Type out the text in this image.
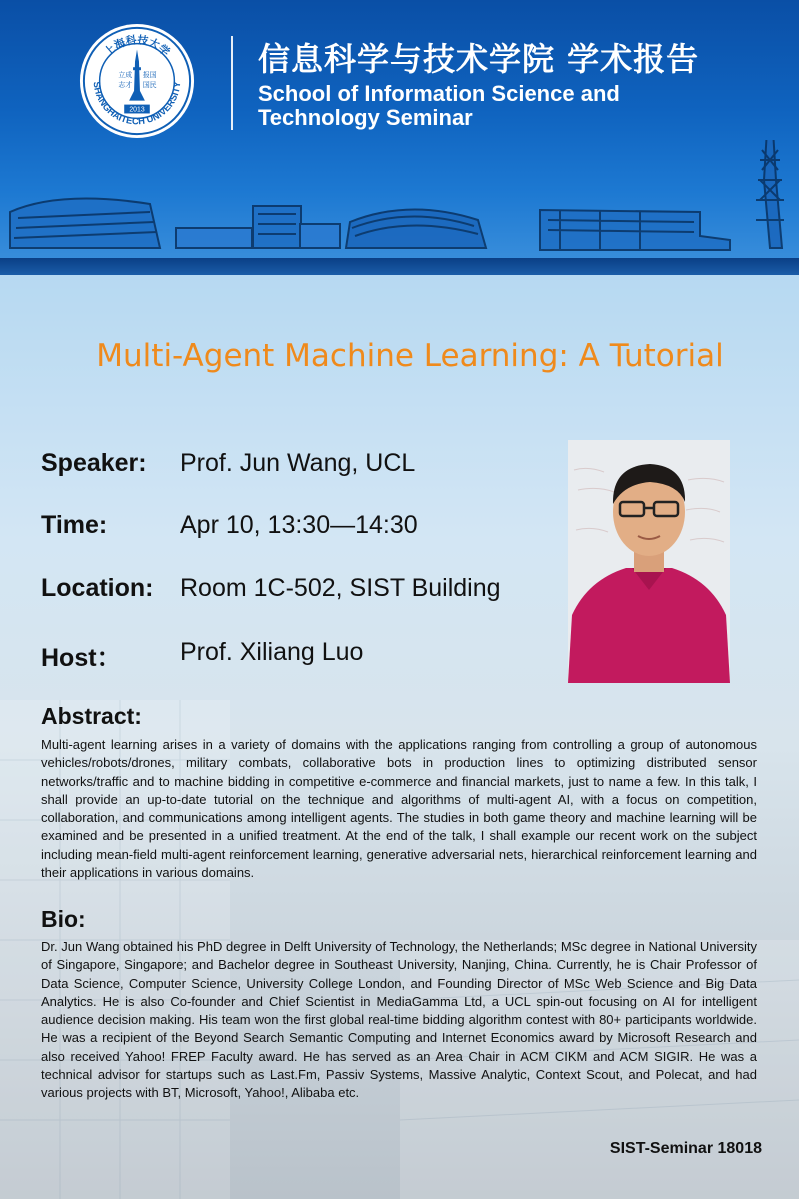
SHANGHAITECH UNIVERSITY
上海科技大学
立成
志才
报国
国民
2013
信息科学与技术学院 学术报告
School of Information Science and
Technology Seminar
Multi-Agent Machine Learning: A Tutorial
Speaker: Prof. Jun Wang, UCL
Time:	Apr 10, 13:30—14:30
Location: Room 1C-502, SIST Building
Host： Prof. Xiliang Luo
Abstract:
Multi-agent learning arises in a variety of domains with the applications ranging from controlling a group of autonomous vehicles/robots/drones, military combats, collaborative bots in production lines to optimizing distributed sensor networks/traffic and to machine bidding in competitive e-commerce and financial markets, just to name a few. In this talk, I shall provide an up-to-date tutorial on the technique and algorithms of multi-agent AI, with a focus on competition, collaboration, and communications among intelligent agents. The studies in both game theory and machine learning will be examined and be presented in a unified treatment. At the end of the talk, I shall example our recent work on the subject including mean-field multi-agent reinforcement learning, generative adversarial nets, hierarchical reinforcement learning and their applications in various domains.
Bio:
Dr. Jun Wang obtained his PhD degree in Delft University of Technology, the Netherlands; MSc degree in National University of Singapore, Singapore; and Bachelor degree in Southeast University, Nanjing, China. Currently, he is Chair Professor of Data Science, Computer Science, University College London, and Founding Director of MSc Web Science and Big Data Analytics. He is also Co-founder and Chief Scientist in MediaGamma Ltd, a UCL spin-out focusing on AI for intelligent audience decision making. His team won the first global real-time bidding algorithm contest with 80+ participants worldwide. He was a recipient of the Beyond Search Semantic Computing and Internet Economics award by Microsoft Research and also received Yahoo! FREP Faculty award. He has served as an Area Chair in ACM CIKM and ACM SIGIR. He was a technical advisor for startups such as Last.Fm, Passiv Systems, Massive Analytic, Context Scout, and Polecat, and had various projects with BT, Microsoft, Yahoo!, Alibaba etc.
SIST-Seminar 18018
